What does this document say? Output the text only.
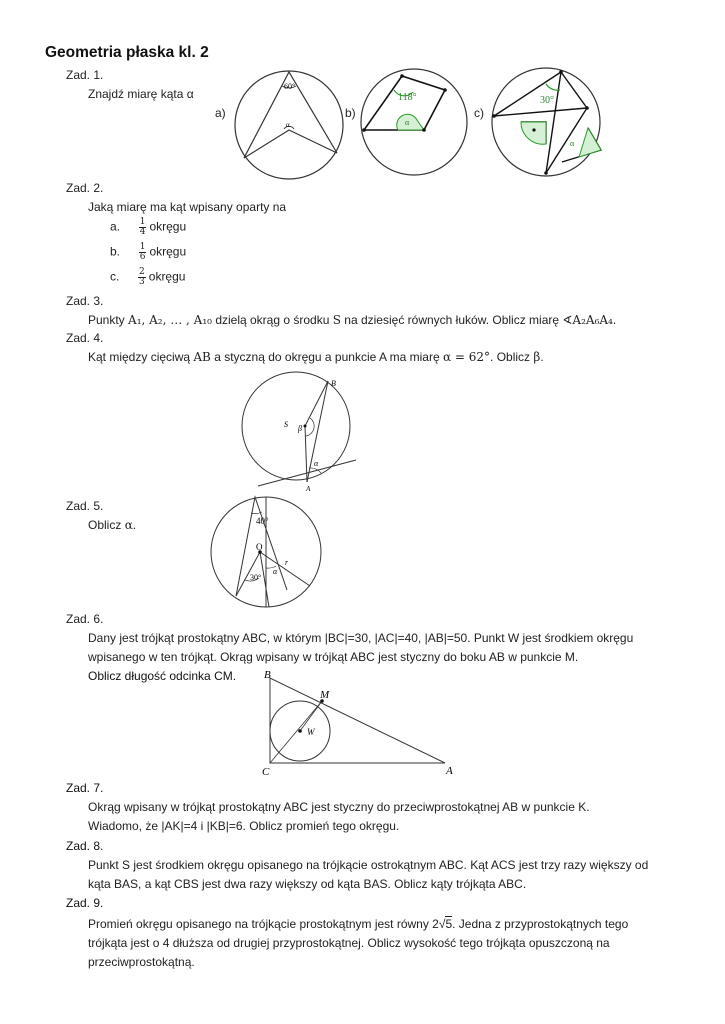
Geometria płaska kl. 2
Zad. 1.
Znajdź miarę kąta α
a)	b)	c)
60°
α
118°
α
30°
α
Zad. 2.
Jaką miarę ma kąt wpisany oparty na
a. $\frac{1}{4}$ okręgu
b. $\frac{1}{6}$ okręgu
c. $\frac{2}{3}$ okręgu
Zad. 3.
Punkty A₁, A₂, … , A₁₀ dzielą okrąg o środku S na dziesięć równych łuków. Oblicz miarę ∢A₂A₆A₄.
Zad. 4.
Kąt między cięciwą AB a styczną do okręgu a punkcie A ma miarę α = 62°. Oblicz β.
B
S β
α
A
Zad. 5.
Oblicz α.	40°
O
30°
α
r
Zad. 6.
Dany jest trójkąt prostokątny ABC, w którym |BC|=30, |AC|=40, |AB|=50. Punkt W jest środkiem okręgu
wpisanego w ten trójkąt. Okrąg wpisany w trójkąt ABC jest styczny do boku AB w punkcie M.
Oblicz długość odcinka CM.	B
M
W
C	A
Zad. 7.
Okrąg wpisany w trójkąt prostokątny ABC jest styczny do przeciwprostokątnej AB w punkcie K.
Wiadomo, że |AK|=4 i |KB|=6. Oblicz promień tego okręgu.
Zad. 8.
Punkt S jest środkiem okręgu opisanego na trójkącie ostrokątnym ABC. Kąt ACS jest trzy razy większy od
kąta BAS, a kąt CBS jest dwa razy większy od kąta BAS. Oblicz kąty trójkąta ABC.
Zad. 9.
Promień okręgu opisanego na trójkącie prostokątnym jest równy 2√5. Jedna z przyprostokątnych tego
trójkąta jest o 4 dłuższa od drugiej przyprostokątnej. Oblicz wysokość tego trójkąta opuszczoną na
przeciwprostokątną.
